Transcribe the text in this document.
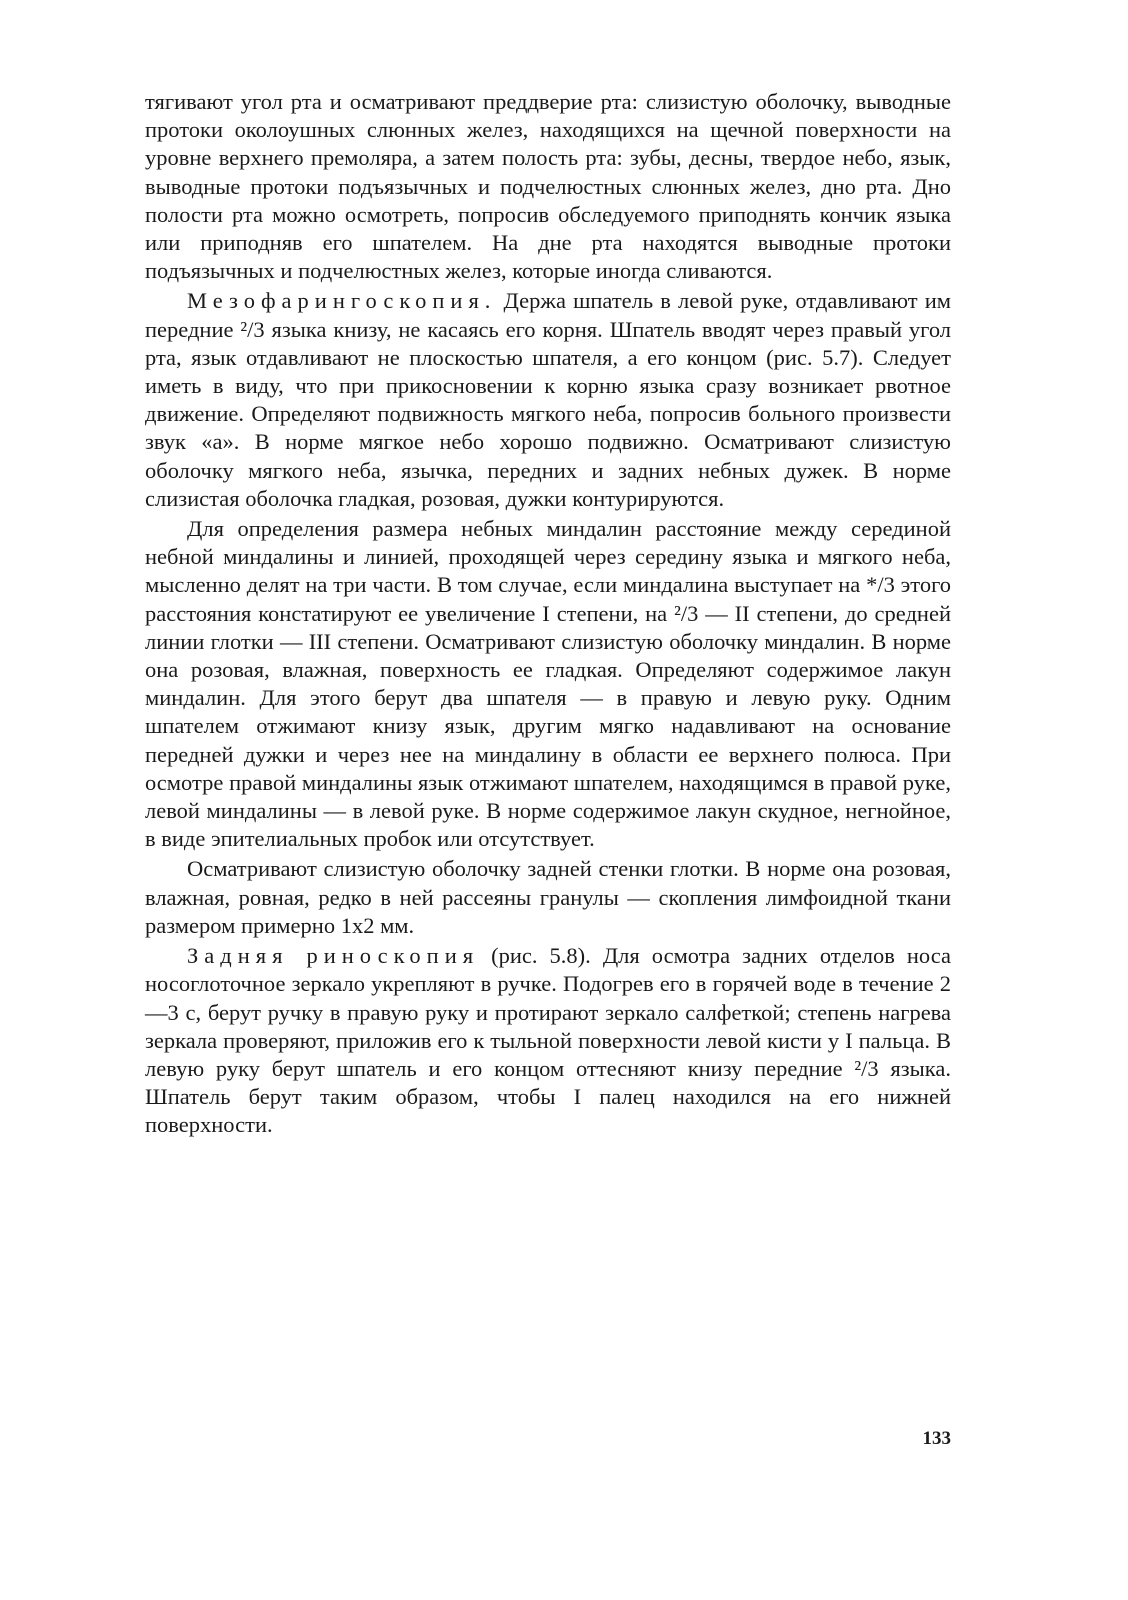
тягивают угол рта и осматривают преддверие рта: слизистую оболочку, выводные протоки околоушных слюнных желез, находящихся на щечной поверхности на уровне верхнего премоляра, а затем полость рта: зубы, десны, твердое небо, язык, выводные протоки подъязычных и подчелюстных слюнных желез, дно рта. Дно полости рта можно осмотреть, попросив обследуемого приподнять кончик языка или приподняв его шпателем. На дне рта находятся выводные протоки подъязычных и подчелюстных желез, которые иногда сливаются.

Мезофарингоскопия. Держа шпатель в левой руке, отдавливают им передние ²/3 языка книзу, не касаясь его корня. Шпатель вводят через правый угол рта, язык отдавливают не плоскостью шпателя, а его концом (рис. 5.7). Следует иметь в виду, что при прикосновении к корню языка сразу возникает рвотное движение. Определяют подвижность мягкого неба, попросив больного произвести звук «а». В норме мягкое небо хорошо подвижно. Осматривают слизистую оболочку мягкого неба, язычка, передних и задних небных дужек. В норме слизистая оболочка гладкая, розовая, дужки контурируются.

Для определения размера небных миндалин расстояние между серединой небной миндалины и линией, проходящей через середину языка и мягкого неба, мысленно делят на три части. В том случае, если миндалина выступает на */3 этого расстояния констатируют ее увеличение I степени, на ²/3 — II степени, до средней линии глотки — III степени. Осматривают слизистую оболочку миндалин. В норме она розовая, влажная, поверхность ее гладкая. Определяют содержимое лакун миндалин. Для этого берут два шпателя — в правую и левую руку. Одним шпателем отжимают книзу язык, другим мягко надавливают на основание передней дужки и через нее на миндалину в области ее верхнего полюса. При осмотре правой миндалины язык отжимают шпателем, находящимся в правой руке, левой миндалины — в левой руке. В норме содержимое лакун скудное, негнойное, в виде эпителиальных пробок или отсутствует.

Осматривают слизистую оболочку задней стенки глотки. В норме она розовая, влажная, ровная, редко в ней рассеяны гранулы — скопления лимфоидной ткани размером примерно 1x2 мм.

Задняя риноскопия (рис. 5.8). Для осмотра задних отделов носа носоглоточное зеркало укрепляют в ручке. Подогрев его в горячей воде в течение 2—3 с, берут ручку в правую руку и протирают зеркало салфеткой; степень нагрева зеркала проверяют, приложив его к тыльной поверхности левой кисти у I пальца. В левую руку берут шпатель и его концом оттесняют книзу передние ²/3 языка. Шпатель берут таким образом, чтобы I палец находился на его нижней поверхности.

133
